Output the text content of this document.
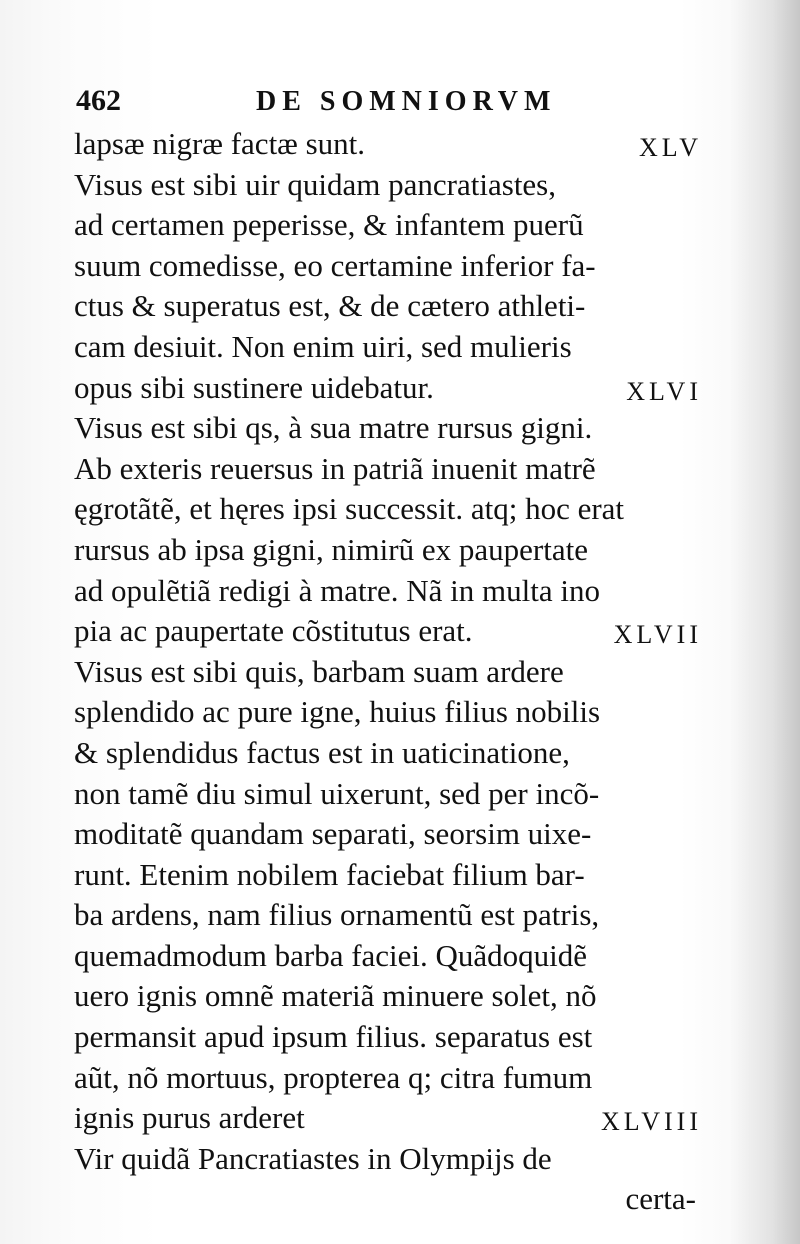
462	DE SOMNIORVM
lapsæ nigræ factæ sunt.	XLV
Visus est sibi uir quidam pancratiastes,
ad certamen peperisse, & infantem puerũ
suum comedisse, eo certamine inferior fa-
ctus & superatus est, & de cætero athleti-
cam desiuit. Non enim uiri, sed mulieris
opus sibi sustinere uidebatur.	XLVI
Visus est sibi qs, à sua matre rursus gigni.
Ab exteris reuersus in patriã inuenit matrẽ
ęgrotãtẽ, et hęres ipsi successit. atq; hoc erat
rursus ab ipsa gigni, nimirũ ex paupertate
ad opulẽtiã redigi à matre. Nã in multa ino
pia ac paupertate cõstitutus erat.	XLVII
Visus est sibi quis, barbam suam ardere
splendido ac pure igne, huius filius nobilis
& splendidus factus est in uaticinatione,
non tamẽ diu simul uixerunt, sed per incõ-
moditatẽ quandam separati, seorsim uixe-
runt. Etenim nobilem faciebat filium bar-
ba ardens, nam filius ornamentũ est patris,
quemadmodum barba faciei. Quãdoquidẽ
uero ignis omnẽ materiã minuere solet, nõ
permansit apud ipsum filius. separatus est
aũt, nõ mortuus, propterea q; citra fumum
ignis purus arderet	XLVIII
Vir quidã Pancratiastes in Olympijs de
certa-
